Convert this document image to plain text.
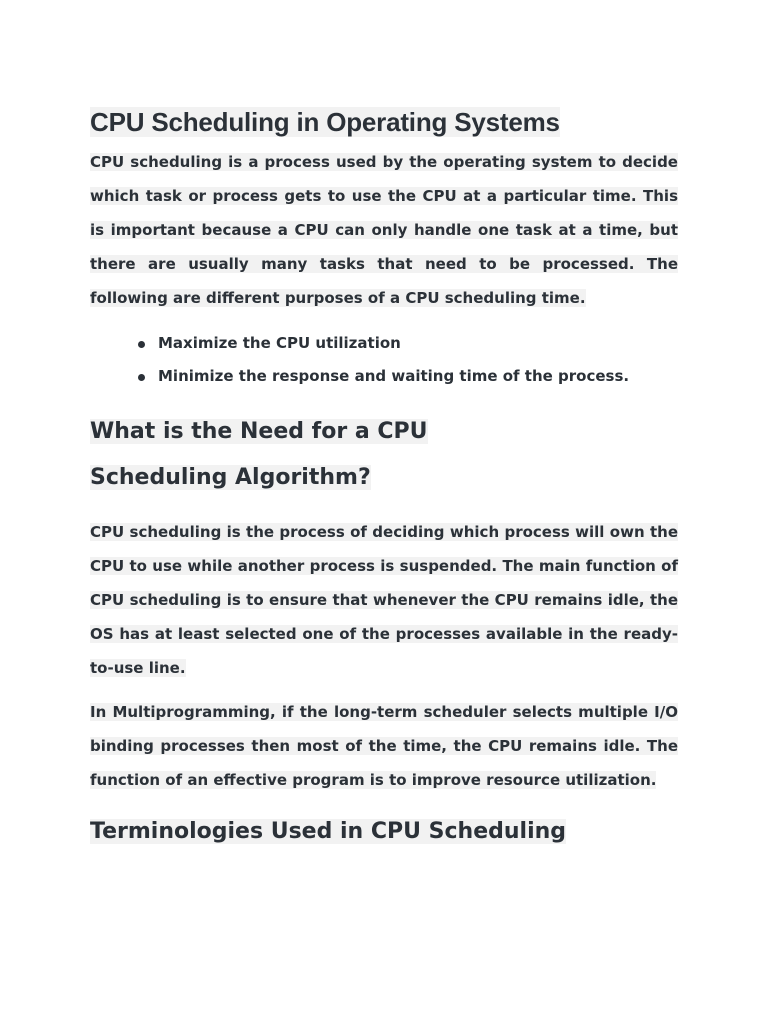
CPU Scheduling in Operating Systems

CPU scheduling is a process used by the operating system to decide which task or process gets to use the CPU at a particular time. This is important because a CPU can only handle one task at a time, but there are usually many tasks that need to be processed. The following are different purposes of a CPU scheduling time.

Maximize the CPU utilization
Minimize the response and waiting time of the process.
What is the Need for a CPU Scheduling Algorithm?

CPU scheduling is the process of deciding which process will own the CPU to use while another process is suspended. The main function of CPU scheduling is to ensure that whenever the CPU remains idle, the OS has at least selected one of the processes available in the ready-to-use line.

In Multiprogramming, if the long-term scheduler selects multiple I/O binding processes then most of the time, the CPU remains idle. The function of an effective program is to improve resource utilization.

Terminologies Used in CPU Scheduling
